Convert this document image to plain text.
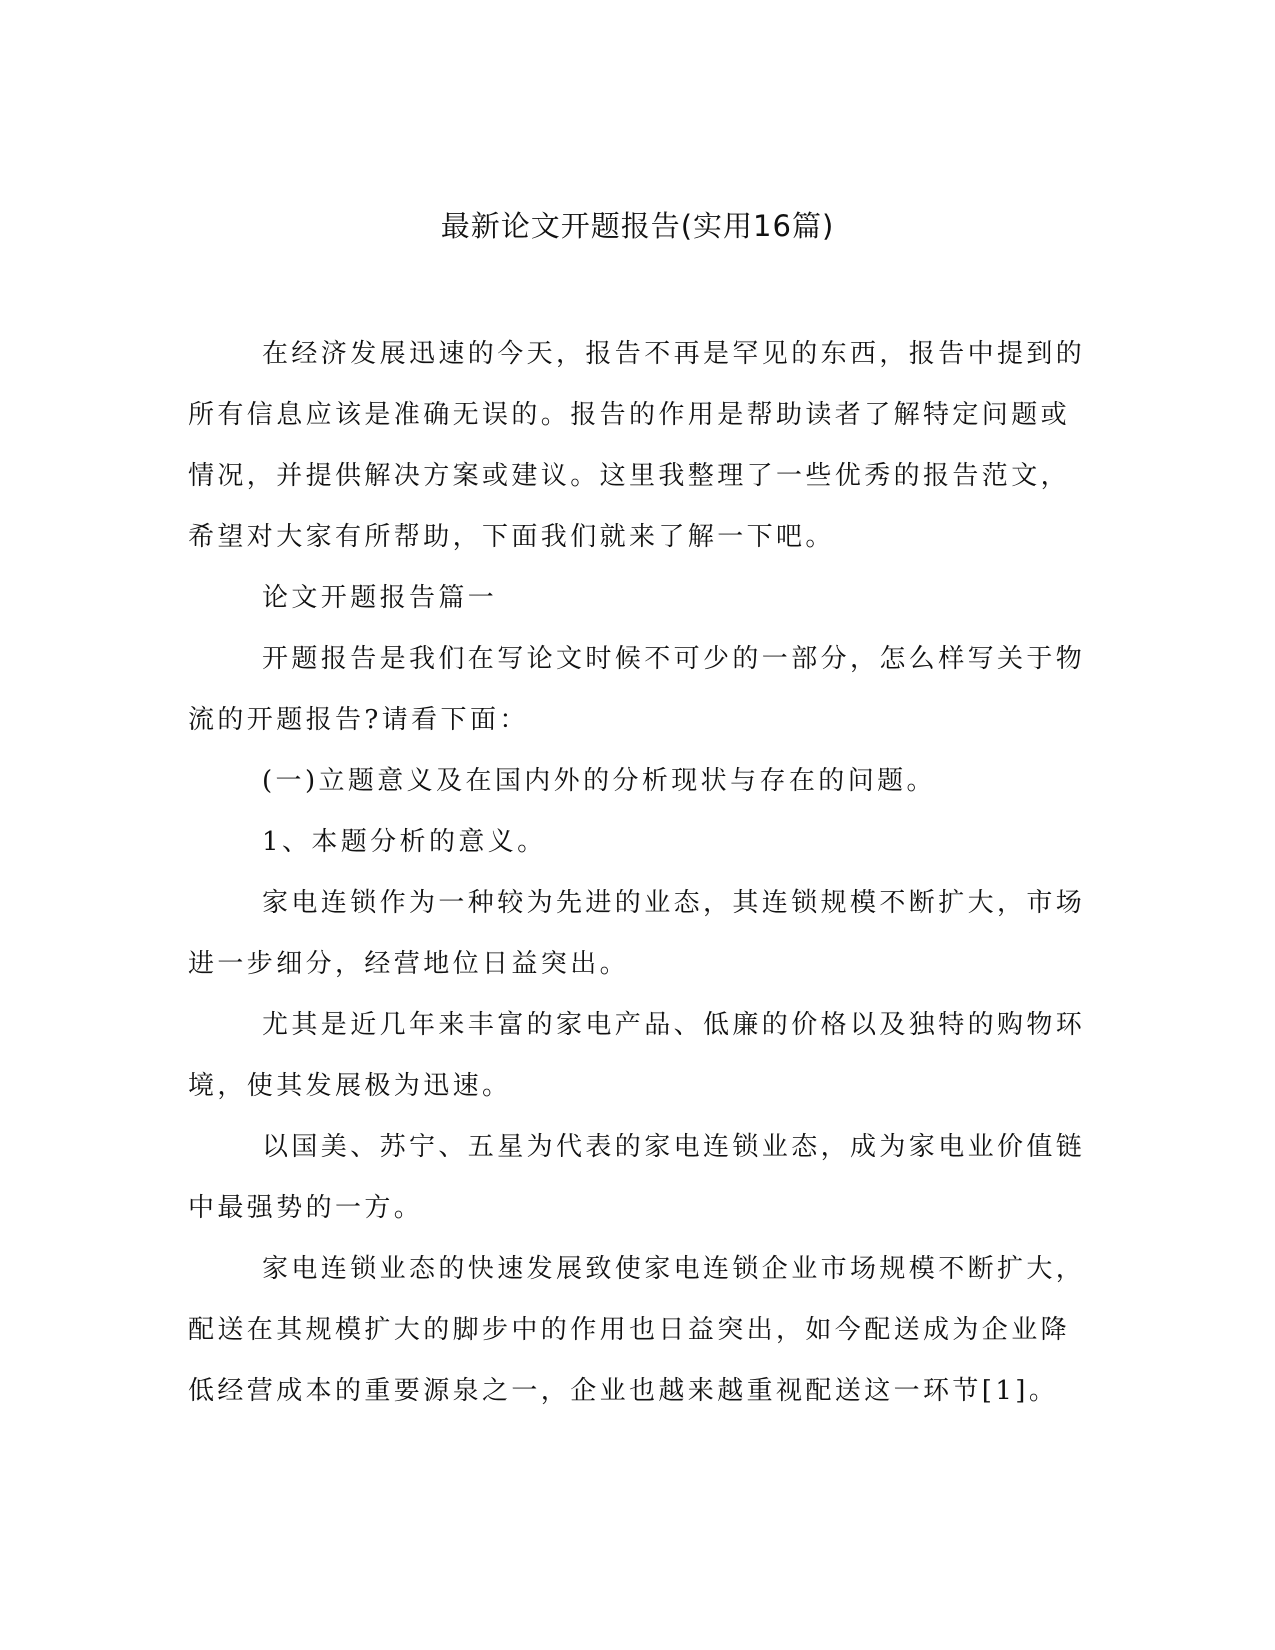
最新论文开题报告(实用16篇)

在经济发展迅速的今天，报告不再是罕见的东西，报告中提到的
所有信息应该是准确无误的。报告的作用是帮助读者了解特定问题或
情况，并提供解决方案或建议。这里我整理了一些优秀的报告范文，
希望对大家有所帮助，下面我们就来了解一下吧。

论文开题报告篇一

开题报告是我们在写论文时候不可少的一部分，怎么样写关于物
流的开题报告?请看下面：

(一)立题意义及在国内外的分析现状与存在的问题。

1、本题分析的意义。

家电连锁作为一种较为先进的业态，其连锁规模不断扩大，市场
进一步细分，经营地位日益突出。

尤其是近几年来丰富的家电产品、低廉的价格以及独特的购物环
境，使其发展极为迅速。

以国美、苏宁、五星为代表的家电连锁业态，成为家电业价值链
中最强势的一方。

家电连锁业态的快速发展致使家电连锁企业市场规模不断扩大，
配送在其规模扩大的脚步中的作用也日益突出，如今配送成为企业降
低经营成本的重要源泉之一，企业也越来越重视配送这一环节[1]。
